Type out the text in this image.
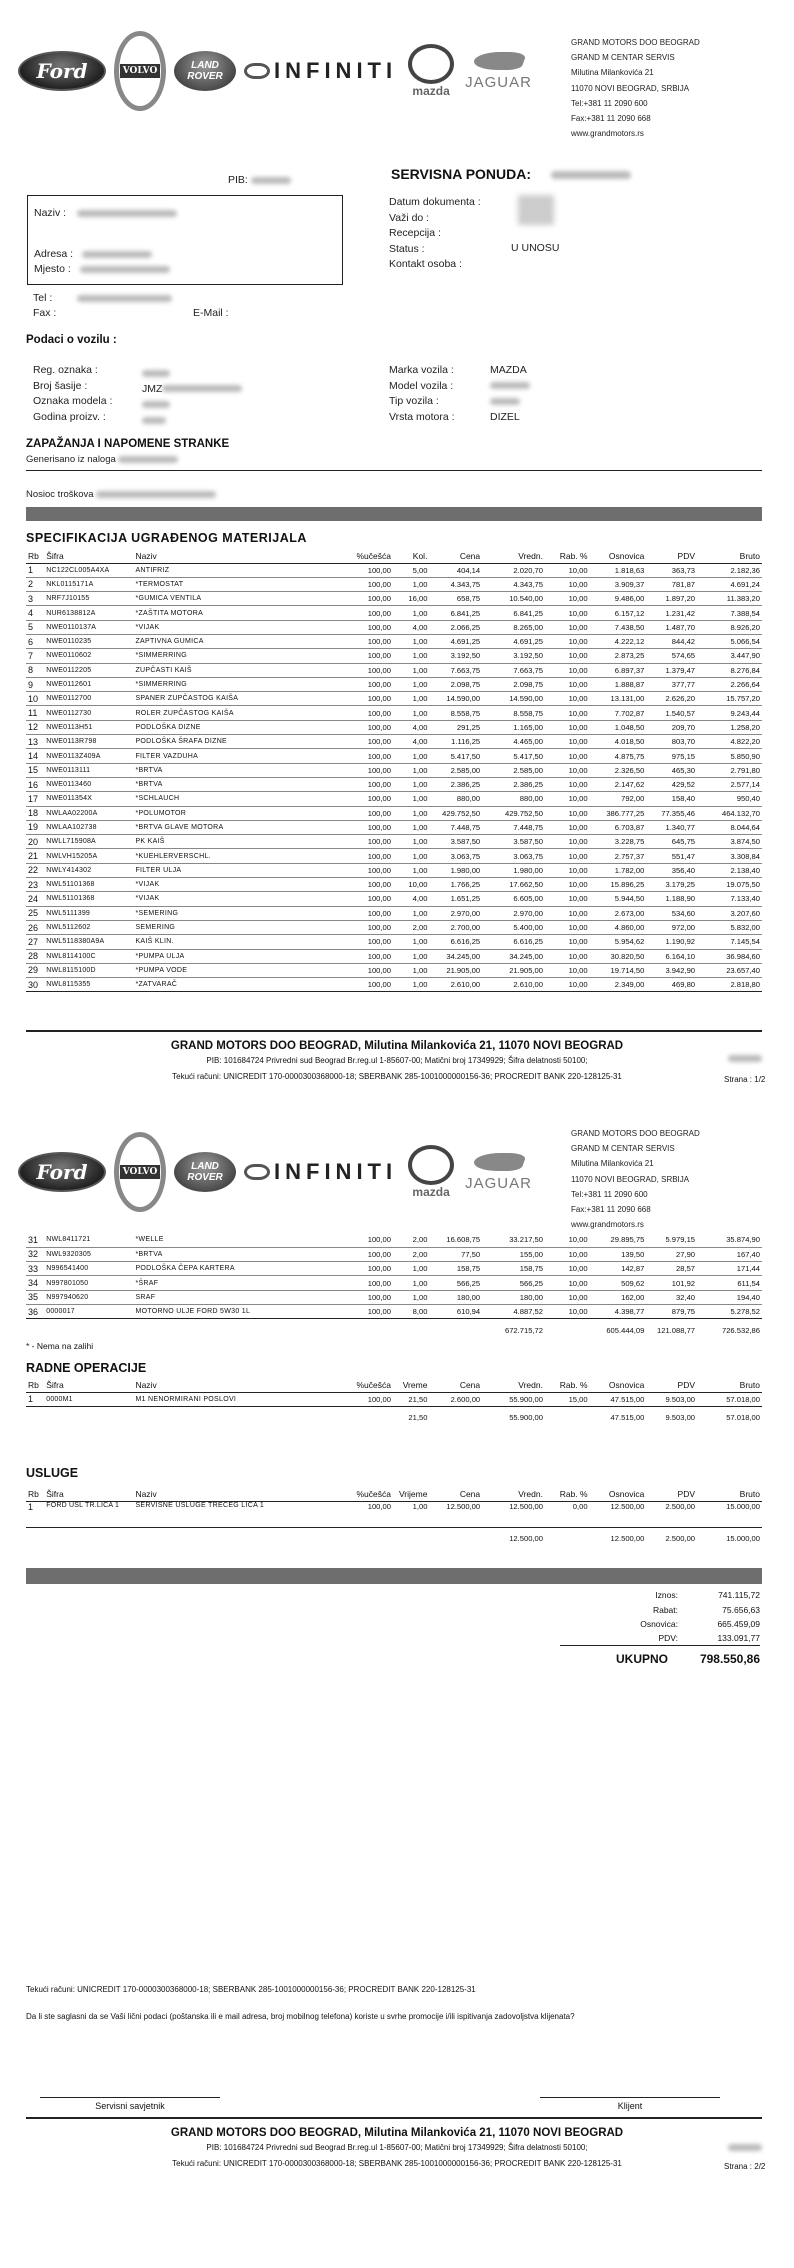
Ford	VOLVO	LAND ROVER	INFINITI
mazda
JAGUAR
GRAND MOTORS DOO BEOGRAD
GRAND M CENTAR SERVIS
Milutina Milankovića 21
11070 NOVI BEOGRAD, SRBIJA
Tel:+381 11 2090 600
Fax:+381 11 2090 668
www.grandmotors.rs
PIB:	SERVISNA PONUDA:
Naziv :
Adresa :
Mjesto :
Tel :
Fax :	E-Mail :
Datum dokumenta :
Važi do :
Recepcija :
Status :
Kontakt osoba :
U UNOSU
Podaci o vozilu :
Reg. oznaka :
Broj šasije :
Oznaka modela :
Godina proizv. :
JMZ
Marka vozila :
Model vozila :
Tip vozila :
Vrsta motora :
MAZDA
DIZEL
ZAPAŽANJA I NAPOMENE STRANKE
Generisano iz naloga
Nosioc troškova
SPECIFIKACIJA UGRAĐENOG MATERIJALA
Rb	Šifra	Naziv	%učešća	Kol.	Cena	Vredn.	Rab. %	Osnovica	PDV	Bruto
1	NC122CL005A4XA	ANTIFRIZ	100,00	5,00	404,14	2.020,70	10,00	1.818,63	363,73	2.182,36
2	NKL0115171A	*TERMOSTAT	100,00	1,00	4.343,75	4.343,75	10,00	3.909,37	781,87	4.691,24
3	NRF7J10155	*GUMICA VENTILA	100,00	16,00	658,75	10.540,00	10,00	9.486,00	1.897,20	11.383,20
4	NUR6138812A	*ZAŠTITA MOTORA	100,00	1,00	6.841,25	6.841,25	10,00	6.157,12	1.231,42	7.388,54
5	NWE0110137A	*VIJAK	100,00	4,00	2.066,25	8.265,00	10,00	7.438,50	1.487,70	8.926,20
6	NWE0110235	ZAPTIVNA GUMICA	100,00	1,00	4.691,25	4.691,25	10,00	4.222,12	844,42	5.066,54
7	NWE0110602	*SIMMERRING	100,00	1,00	3.192,50	3.192,50	10,00	2.873,25	574,65	3.447,90
8	NWE0112205	ZUPČASTI KAIŠ	100,00	1,00	7.663,75	7.663,75	10,00	6.897,37	1.379,47	8.276,84
9	NWE0112601	*SIMMERRING	100,00	1,00	2.098,75	2.098,75	10,00	1.888,87	377,77	2.266,64
10	NWE0112700	SPANER ZUPČASTOG KAIŠA	100,00	1,00	14.590,00	14.590,00	10,00	13.131,00	2.626,20	15.757,20
11	NWE0112730	ROLER ZUPČASTOG KAIŠA	100,00	1,00	8.558,75	8.558,75	10,00	7.702,87	1.540,57	9.243,44
12	NWE0113H51	PODLOŠKA DIZNE	100,00	4,00	291,25	1.165,00	10,00	1.048,50	209,70	1.258,20
13	NWE0113R798	PODLOŠKA ŠRAFA DIZNE	100,00	4,00	1.116,25	4.465,00	10,00	4.018,50	803,70	4.822,20
14	NWE0113Z409A	FILTER VAZDUHA	100,00	1,00	5.417,50	5.417,50	10,00	4.875,75	975,15	5.850,90
15	NWE0113111	*BRTVA	100,00	1,00	2.585,00	2.585,00	10,00	2.326,50	465,30	2.791,80
16	NWE0113460	*BRTVA	100,00	1,00	2.386,25	2.386,25	10,00	2.147,62	429,52	2.577,14
17	NWE011354X	*SCHLAUCH	100,00	1,00	880,00	880,00	10,00	792,00	158,40	950,40
18	NWLAA02200A	*POLUMOTOR	100,00	1,00	429.752,50	429.752,50	10,00	386.777,25	77.355,46	464.132,70
19	NWLAA102738	*BRTVA GLAVE MOTORA	100,00	1,00	7.448,75	7.448,75	10,00	6.703,87	1.340,77	8.044,64
20	NWLL715908A	PK KAIŠ	100,00	1,00	3.587,50	3.587,50	10,00	3.228,75	645,75	3.874,50
21	NWLVH15205A	*KUEHLERVERSCHL.	100,00	1,00	3.063,75	3.063,75	10,00	2.757,37	551,47	3.308,84
22	NWLY414302	FILTER ULJA	100,00	1,00	1.980,00	1.980,00	10,00	1.782,00	356,40	2.138,40
23	NWL51101368	*VIJAK	100,00	10,00	1.766,25	17.662,50	10,00	15.896,25	3.179,25	19.075,50
24	NWL51101368	*VIJAK	100,00	4,00	1.651,25	6.605,00	10,00	5.944,50	1.188,90	7.133,40
25	NWL5111399	*SEMERING	100,00	1,00	2.970,00	2.970,00	10,00	2.673,00	534,60	3.207,60
26	NWL5112602	SEMERING	100,00	2,00	2.700,00	5.400,00	10,00	4.860,00	972,00	5.832,00
27	NWL5118380A9A	KAIŠ KLIN.	100,00	1,00	6.616,25	6.616,25	10,00	5.954,62	1.190,92	7.145,54
28	NWL8114100C	*PUMPA ULJA	100,00	1,00	34.245,00	34.245,00	10,00	30.820,50	6.164,10	36.984,60
29	NWL8115100D	*PUMPA VODE	100,00	1,00	21.905,00	21.905,00	10,00	19.714,50	3.942,90	23.657,40
30	NWL8115355	*ZATVARAČ	100,00	1,00	2.610,00	2.610,00	10,00	2.349,00	469,80	2.818,80
GRAND MOTORS DOO BEOGRAD, Milutina Milankovića 21, 11070 NOVI BEOGRAD
PIB: 101684724 Privredni sud Beograd Br.reg.ul 1-85607-00; Matični broj 17349929; Šifra delatnosti 50100;
Tekući računi: UNICREDIT 170-0000300368000-18; SBERBANK 285-1001000000156-36; PROCREDIT BANK 220-128125-31	Strana : 1/2
Ford	VOLVO	LAND ROVER	INFINITI
mazda
JAGUAR
GRAND MOTORS DOO BEOGRAD
GRAND M CENTAR SERVIS
Milutina Milankovića 21
11070 NOVI BEOGRAD, SRBIJA
Tel:+381 11 2090 600
Fax:+381 11 2090 668
www.grandmotors.rs
31	NWL8411721	*WELLE	100,00	2,00	16.608,75	33.217,50	10,00	29.895,75	5.979,15	35.874,90
32	NWL9320305	*BRTVA	100,00	2,00	77,50	155,00	10,00	139,50	27,90	167,40
33	N996541400	PODLOŠKA ČEPA KARTERA	100,00	1,00	158,75	158,75	10,00	142,87	28,57	171,44
34	N997801050	*ŠRAF	100,00	1,00	566,25	566,25	10,00	509,62	101,92	611,54
35	N997940620	SRAF	100,00	1,00	180,00	180,00	10,00	162,00	32,40	194,40
36	0000017	MOTORNO ULJE FORD 5W30 1L	100,00	8,00	610,94	4.887,52	10,00	4.398,77	879,75	5.278,52
						672.715,72		605.444,09	121.088,77	726.532,86
* - Nema na zalihi
RADNE OPERACIJE
Rb	Šifra	Naziv	%učešća	Vreme	Cena	Vredn.	Rab. %	Osnovica	PDV	Bruto
1	0000M1	M1 NENORMIRANI POSLOVI	100,00	21,50	2.600,00	55.900,00	15,00	47.515,00	9.503,00	57.018,00
				21,50		55.900,00		47.515,00	9.503,00	57.018,00
USLUGE
Rb	Šifra	Naziv	%učešća	Vrijeme	Cena	Vredn.	Rab. %	Osnovica	PDV	Bruto
1	FORD USL TR.LICA 1	SERVISNE USLUGE TRECEG LICA 1	100,00	1,00	12.500,00	12.500,00	0,00	12.500,00	2.500,00	15.000,00
						12.500,00		12.500,00	2.500,00	15.000,00
Iznos:	741.115,72
Rabat:	75.656,63
Osnovica:	665.459,09
PDV:	133.091,77
UKUPNO	798.550,86
Tekući računi: UNICREDIT 170-0000300368000-18; SBERBANK 285-1001000000156-36; PROCREDIT BANK 220-128125-31
Da li ste saglasni da se Vaši lični podaci (poštanska ili e mail adresa, broj mobilnog telefona) koriste u svrhe promocije i/ili ispitivanja zadovoljstva klijenata?
Servisni savjetnik	Klijent
GRAND MOTORS DOO BEOGRAD, Milutina Milankovića 21, 11070 NOVI BEOGRAD
PIB: 101684724 Privredni sud Beograd Br.reg.ul 1-85607-00; Matični broj 17349929; Šifra delatnosti 50100;
Tekući računi: UNICREDIT 170-0000300368000-18; SBERBANK 285-1001000000156-36; PROCREDIT BANK 220-128125-31	Strana : 2/2
